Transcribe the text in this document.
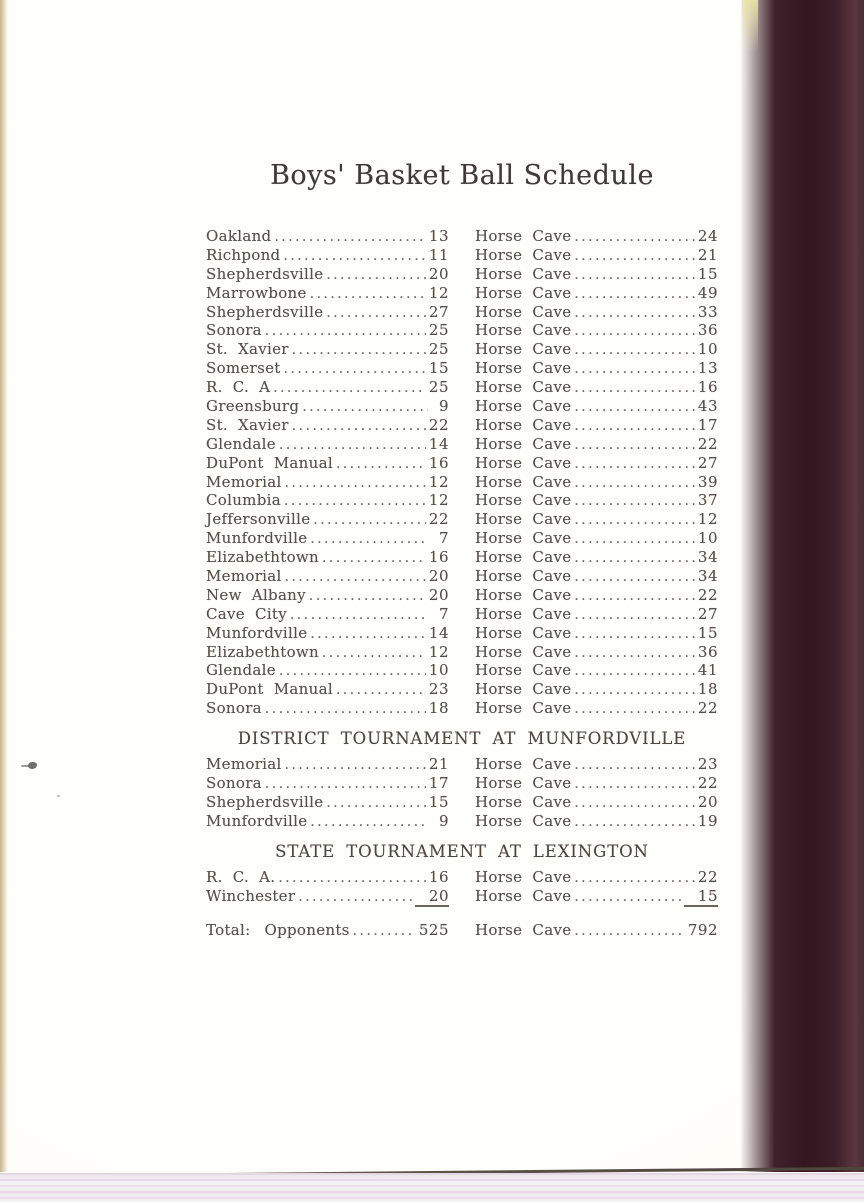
Boys' Basket Ball Schedule
Oakland .....	13 Horse Cave .....	24
Richpond .....	11 Horse Cave .....	21
Shepherdsville .....	20 Horse Cave .....	15
Marrowbone .....	12 Horse Cave .....	49
Shepherdsville .....	27 Horse Cave .....	33
Sonora .....	25 Horse Cave .....	36
St. Xavier .....	25 Horse Cave .....	10
Somerset .....	15 Horse Cave .....	13
R. C. A .....	25 Horse Cave .....	16
Greensburg .....	9 Horse Cave .....	43
St. Xavier .....	22 Horse Cave .....	17
Glendale .....	14 Horse Cave .....	22
DuPont Manual .....	16 Horse Cave .....	27
Memorial .....	12 Horse Cave .....	39
Columbia .....	12 Horse Cave .....	37
Jeffersonville .....	22 Horse Cave .....	12
Munfordville .....	7 Horse Cave .....	10
Elizabethtown .....	16 Horse Cave .....	34
Memorial .....	20 Horse Cave .....	34
New Albany .....	20 Horse Cave .....	22
Cave City .....	7 Horse Cave .....	27
Munfordville .....	14 Horse Cave .....	15
Elizabethtown .....	12 Horse Cave .....	36
Glendale .....	10 Horse Cave .....	41
DuPont Manual .....	23 Horse Cave .....	18
Sonora .....	18 Horse Cave .....	22
DISTRICT TOURNAMENT AT MUNFORDVILLE
Memorial .....	21 Horse Cave .....	23
Sonora .....	17 Horse Cave .....	22
Shepherdsville .....	15 Horse Cave .....	20
Munfordville .....	9 Horse Cave .....	19
STATE TOURNAMENT AT LEXINGTON
R. C. A. .....	16 Horse Cave .....	22
Winchester .....	20 Horse Cave .....	15
Total: Opponents .....	525 Horse Cave .....	792
